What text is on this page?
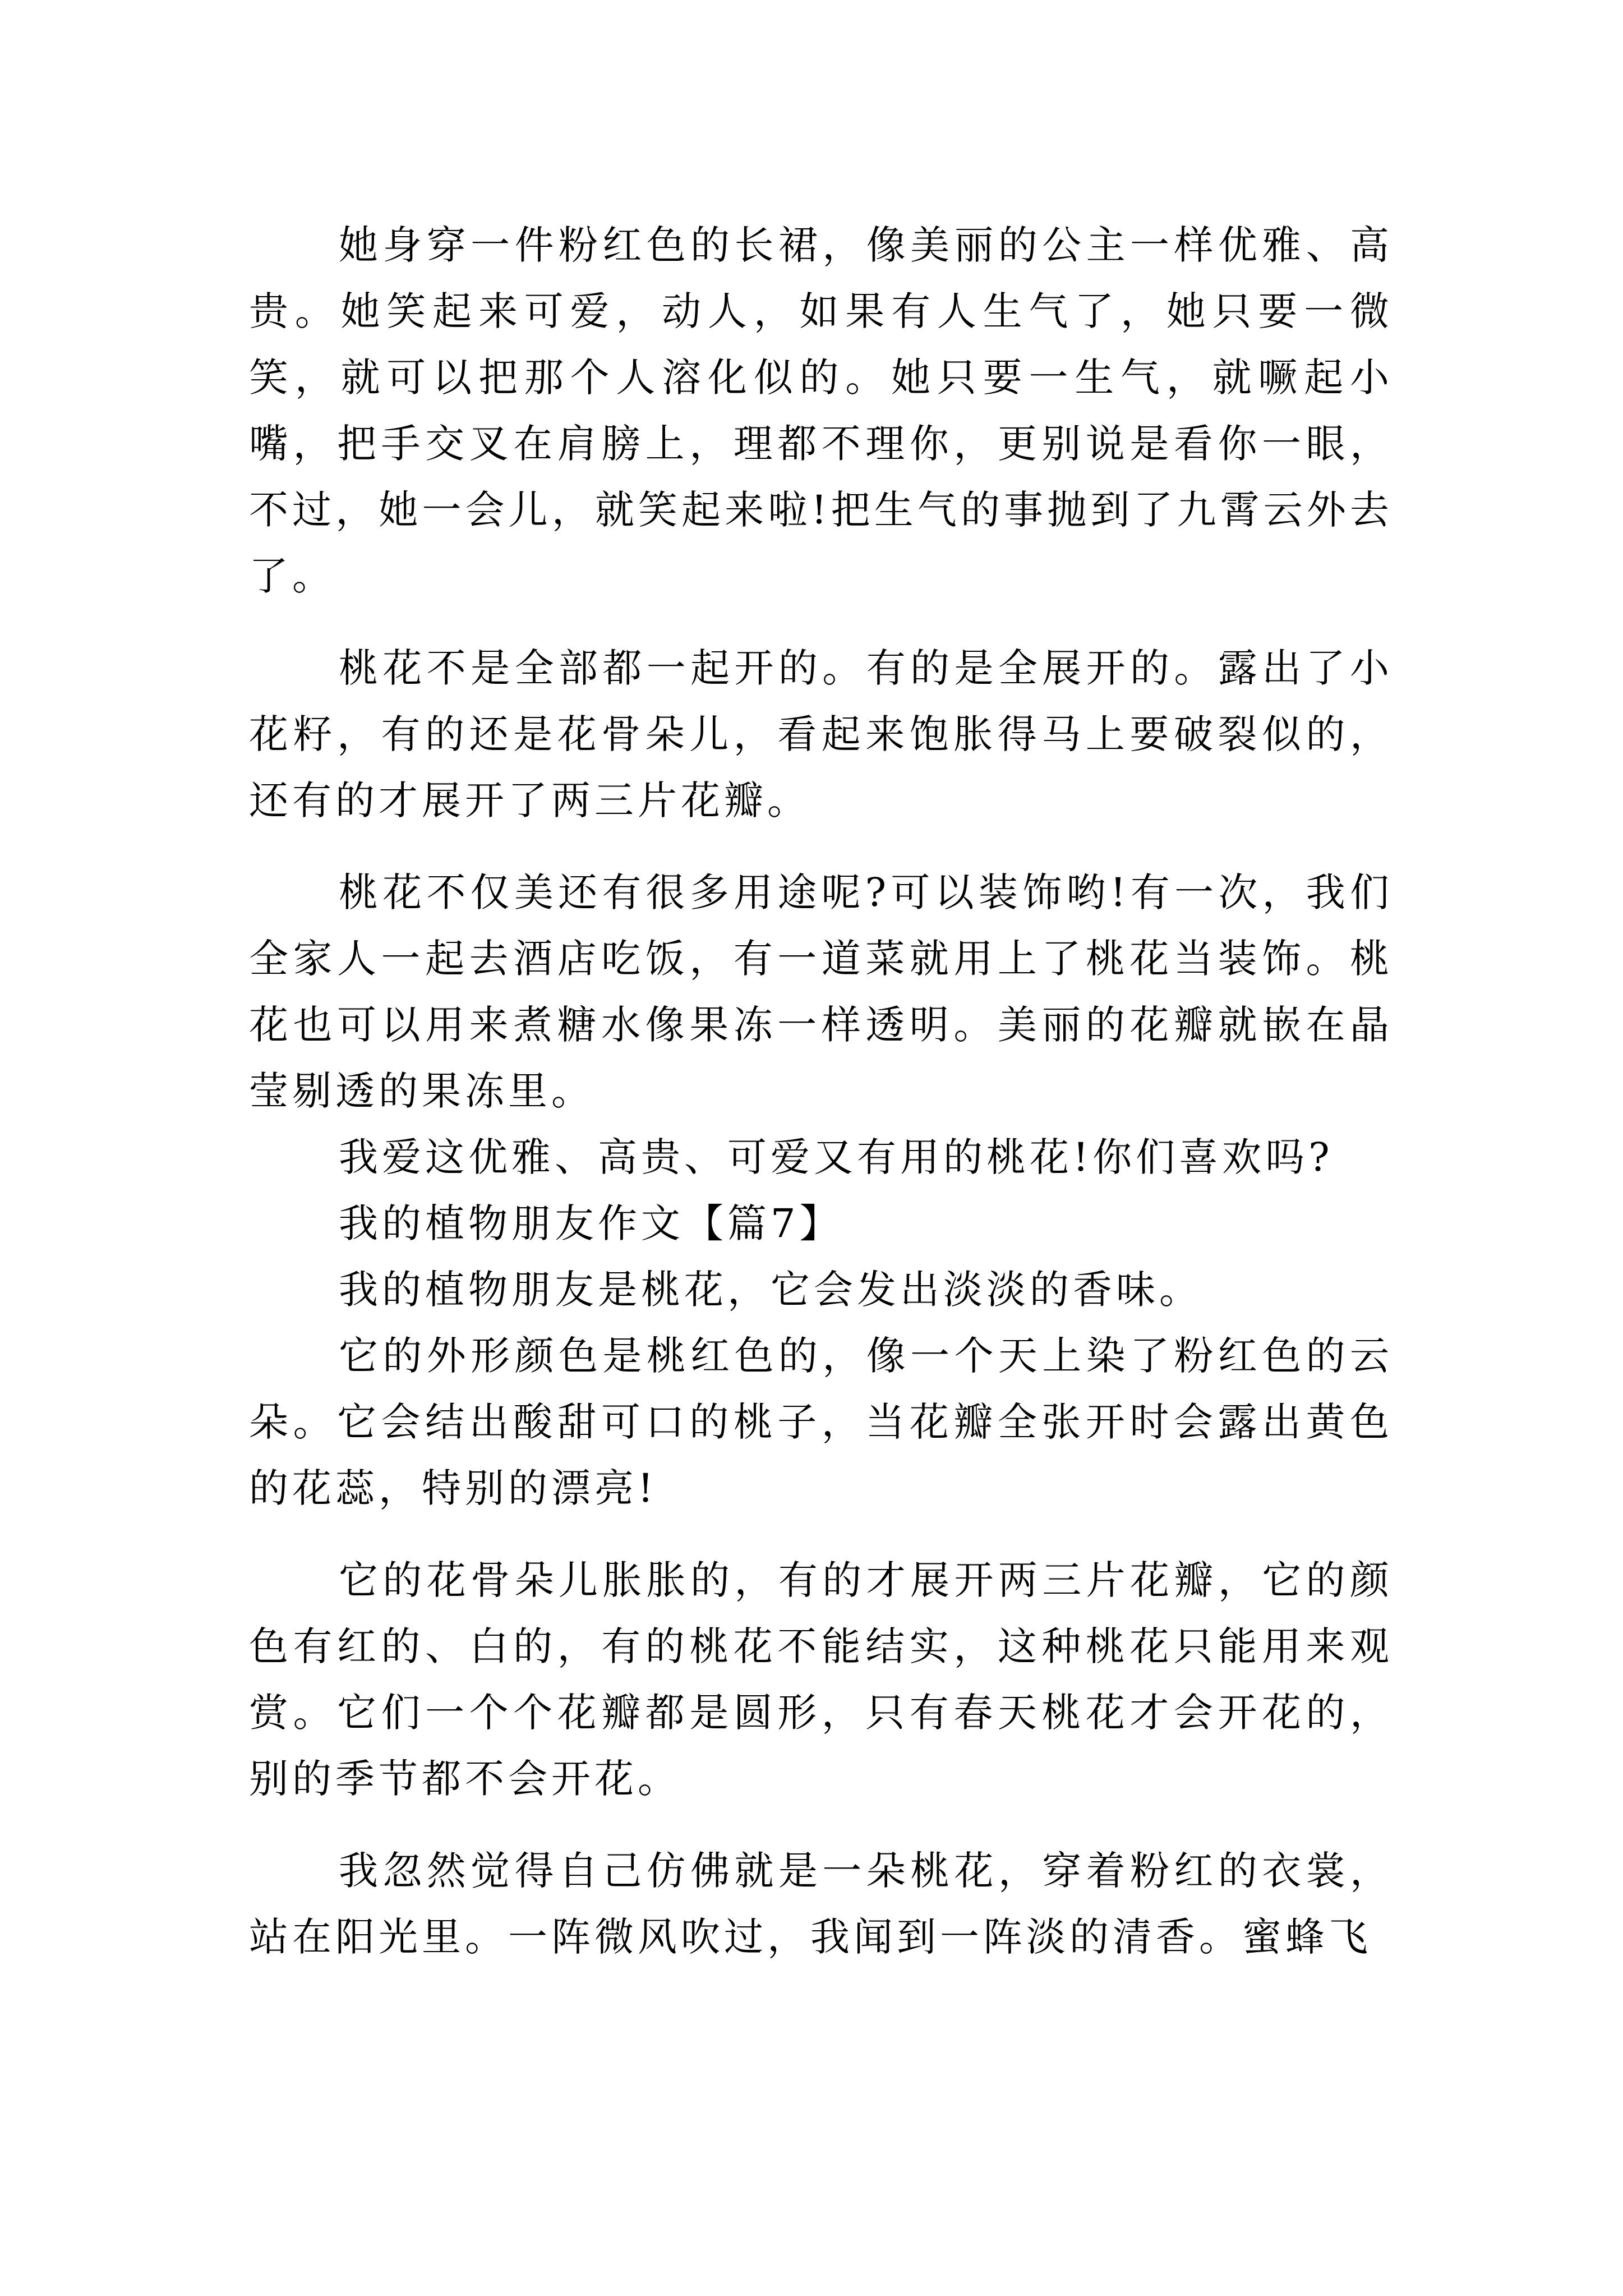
她身穿一件粉红色的长裙，像美丽的公主一样优雅、高贵。她笑起来可爱，动人，如果有人生气了，她只要一微笑，就可以把那个人溶化似的。她只要一生气，就噘起小嘴，把手交叉在肩膀上，理都不理你，更别说是看你一眼，不过，她一会儿，就笑起来啦!把生气的事抛到了九霄云外去了。

桃花不是全部都一起开的。有的是全展开的。露出了小花籽，有的还是花骨朵儿，看起来饱胀得马上要破裂似的，还有的才展开了两三片花瓣。

桃花不仅美还有很多用途呢?可以装饰哟!有一次，我们全家人一起去酒店吃饭，有一道菜就用上了桃花当装饰。桃花也可以用来煮糖水像果冻一样透明。美丽的花瓣就嵌在晶莹剔透的果冻里。

我爱这优雅、高贵、可爱又有用的桃花!你们喜欢吗?

我的植物朋友作文【篇7】

我的植物朋友是桃花，它会发出淡淡的香味。

它的外形颜色是桃红色的，像一个天上染了粉红色的云朵。它会结出酸甜可口的桃子，当花瓣全张开时会露出黄色的花蕊，特别的漂亮!

它的花骨朵儿胀胀的，有的才展开两三片花瓣，它的颜色有红的、白的，有的桃花不能结实，这种桃花只能用来观赏。它们一个个花瓣都是圆形，只有春天桃花才会开花的，别的季节都不会开花。

我忽然觉得自己仿佛就是一朵桃花，穿着粉红的衣裳，站在阳光里。一阵微风吹过，我闻到一阵淡的清香。蜜蜂飞
